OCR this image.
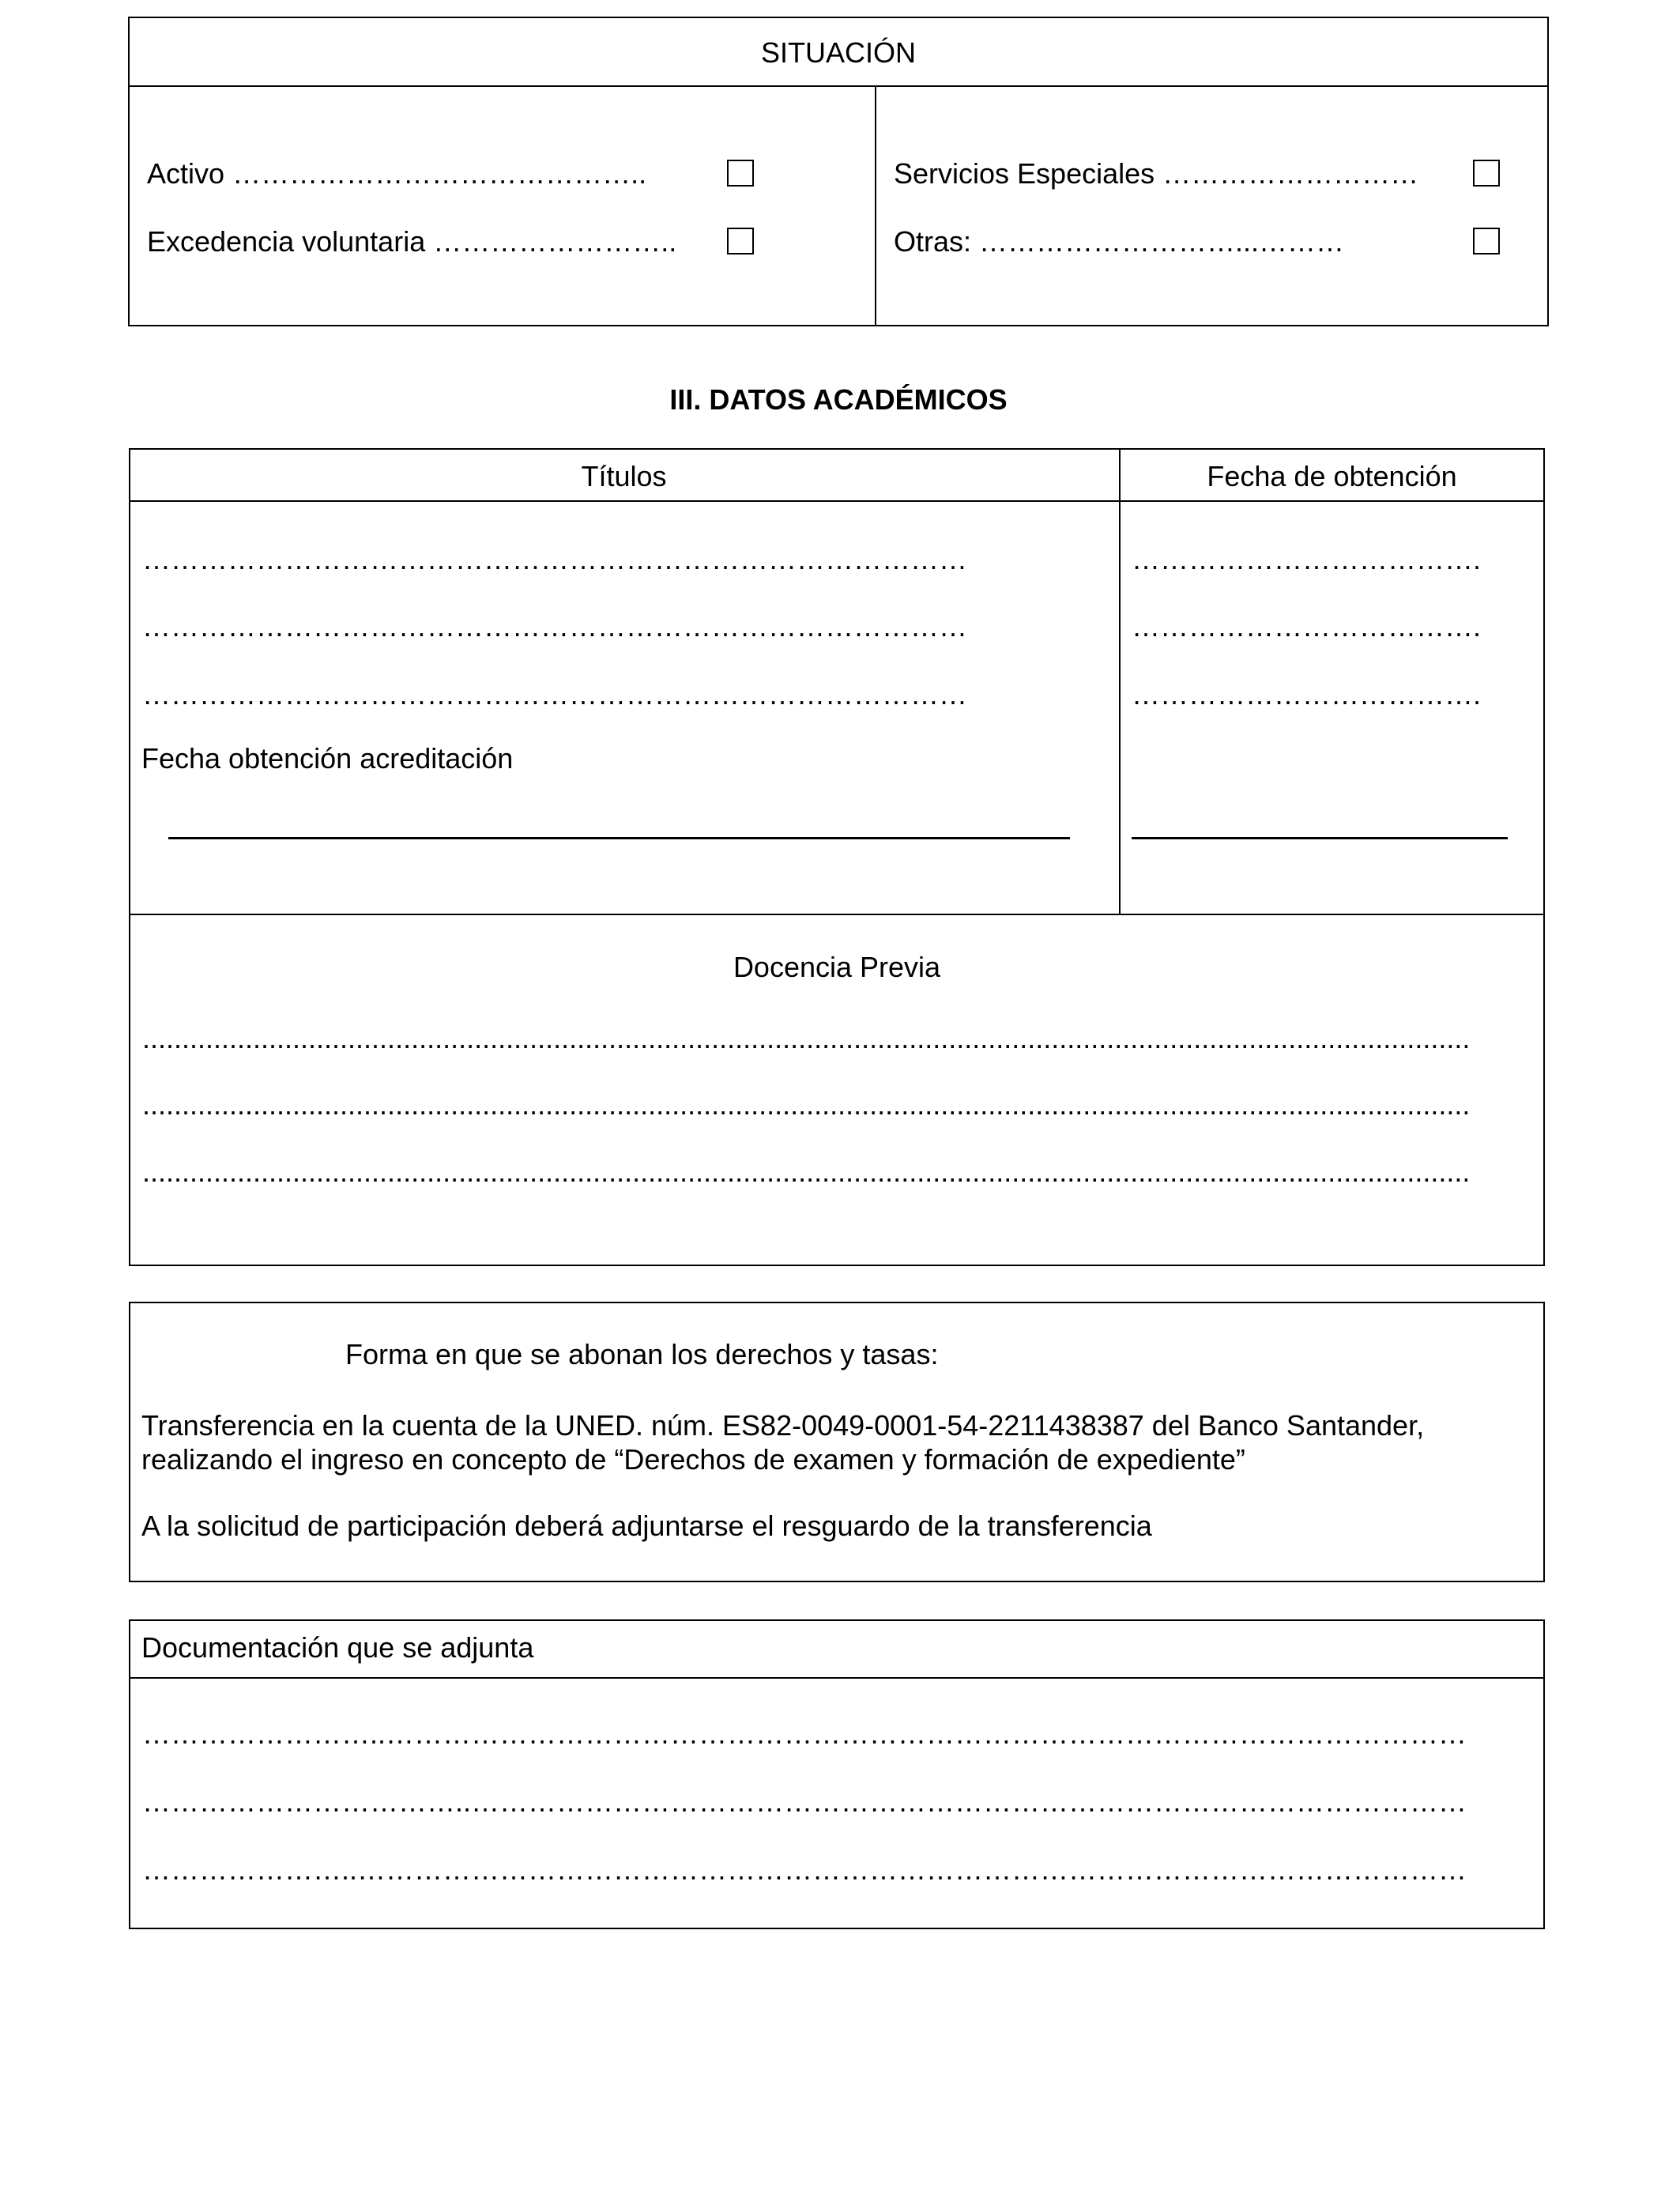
SITUACIÓN
Activo ……………………………………..
Excedencia voluntaria ……………………..
Servicios Especiales ………………………
Otras: ………………………...………
III. DATOS ACADÉMICOS
Títulos	Fecha de obtención
……………………………………………………………………………
……………………………………………………………………………
……………………………………………………………………………
……………………………….
……………………………….
……………………………….
Fecha obtención acreditación
Docencia Previa
........................................................................................................................................................................
........................................................................................................................................................................
........................................................................................................................................................................
Forma en que se abonan los derechos y tasas:
Transferencia en la cuenta de la UNED. núm. ES82-0049-0001-54-2211438387 del Banco Santander,
realizando el ingreso en concepto de “Derechos de examen y formación de expediente”
A la solicitud de participación deberá adjuntarse el resguardo de la transferencia
Documentación que se adjunta
……………………..……………………………………………………………………………………………………
……………………………..……………………………………………………………………………………………
…………………..………………………………………………………………………………………………………
